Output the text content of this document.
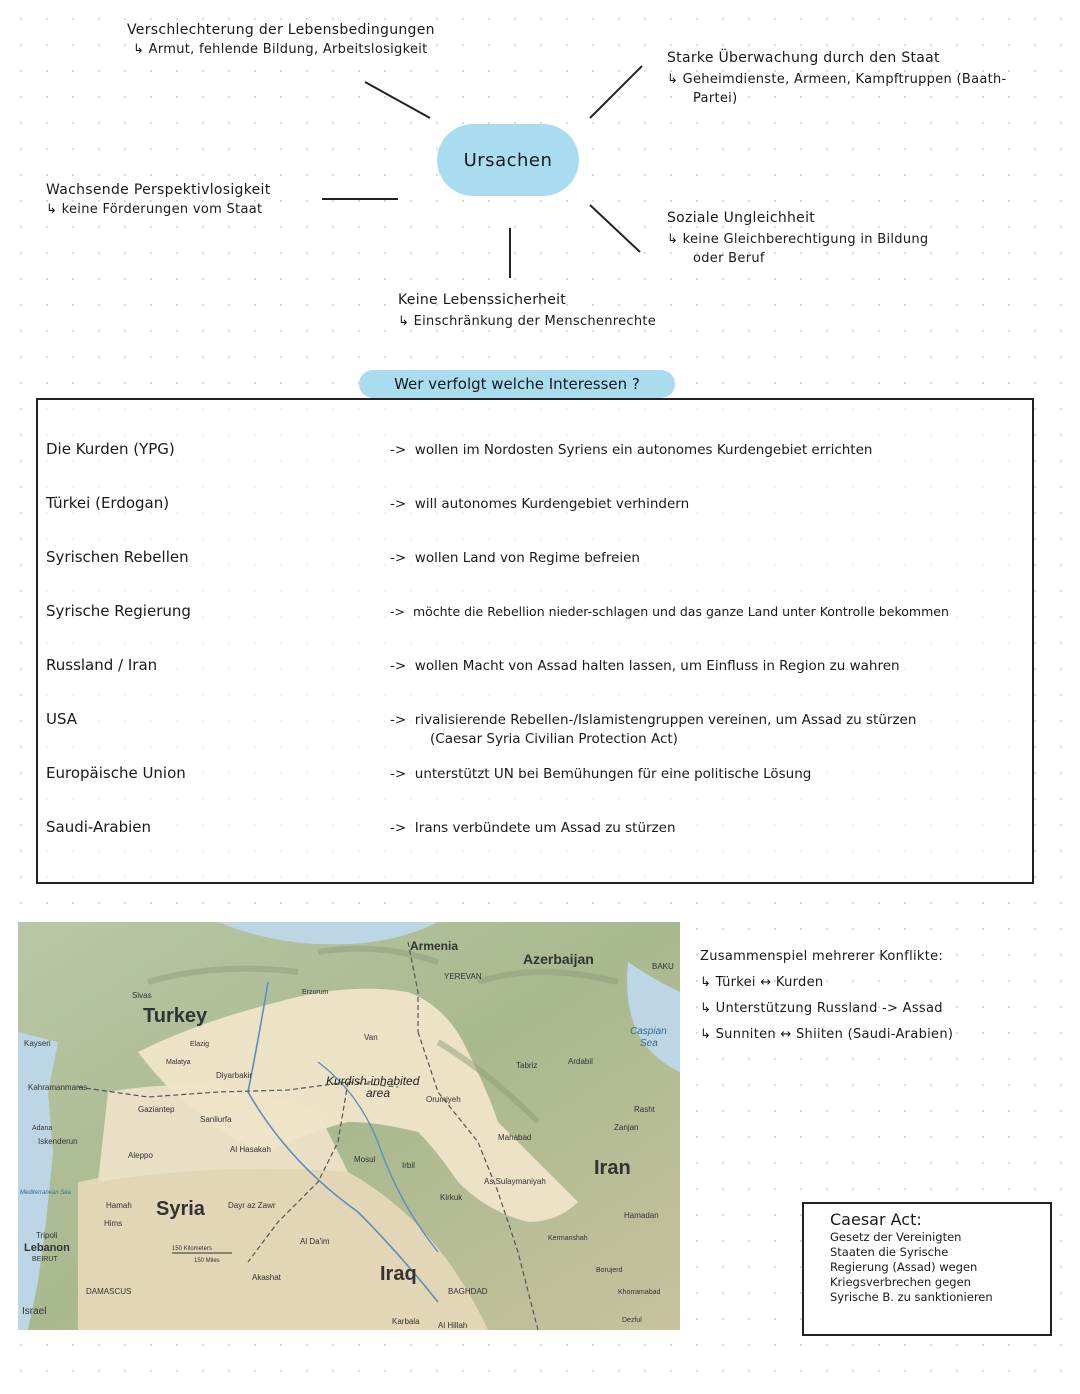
Verschlechterung der Lebensbedingungen
↳ Armut, fehlende Bildung, Arbeitslosigkeit
Starke Überwachung durch den Staat
↳ Geheimdienste, Armeen, Kampftruppen (Baath-
Partei)
Ursachen
Wachsende Perspektivlosigkeit
↳ keine Förderungen vom Staat
Soziale Ungleichheit
↳ keine Gleichberechtigung in Bildung
oder Beruf
Keine Lebenssicherheit
↳ Einschränkung der Menschenrechte
Wer verfolgt welche Interessen ?
Die Kurden (YPG)
Türkei (Erdogan)
Syrischen Rebellen
Syrische Regierung
Russland / Iran
USA
Europäische Union
Saudi-Arabien
-> wollen im Nordosten Syriens ein autonomes Kurdengebiet errichten
-> will autonomes Kurdengebiet verhindern
-> wollen Land von Regime befreien
-> möchte die Rebellion nieder-schlagen und das ganze Land unter Kontrolle bekommen
-> wollen Macht von Assad halten lassen, um Einfluss in Region zu wahren
-> rivalisierende Rebellen-/Islamistengruppen vereinen, um Assad zu stürzen
(Caesar Syria Civilian Protection Act)
-> unterstützt UN bei Bemühungen für eine politische Lösung
-> Irans verbündete um Assad zu stürzen
Armenia
Azerbaijan
Turkey
Syria
Iraq
Iran
Lebanon
Israel
Caspian
Sea
Mediterranean Sea
Kurdish-inhabited
area
BAKU
YEREVAN
BAGHDAD
DAMASCUS
BEIRUT
Tripoli
Aleppo
Hamah
Hims
Mosul
Irbil
Kirkuk
As Sulaymaniyah
Tabriz	Ardabil
Orumiyeh
Mahabad
Rasht
Zanjan
Hamadan
Kermanshah
Borujerd
Khorramabad
Dezful
Sivas
Kayseri
Kahramanmaras
Adana
Iskenderun
Gaziantep
Sanliurfa
Malatya
Elazig
Diyarbakir
Erzurum
Van
Al Hasakah
Dayr az Zawr
Al Da'im
Akashat
Karbala Al Hillah
150 Kilometers
150 Miles
Zusammenspiel mehrerer Konflikte:
↳ Türkei ↔ Kurden
↳ Unterstützung Russland -> Assad
↳ Sunniten ↔ Shiiten (Saudi-Arabien)
Caesar Act:
Gesetz der Vereinigten
Staaten die Syrische
Regierung (Assad) wegen
Kriegsverbrechen gegen
Syrische B. zu sanktionieren
